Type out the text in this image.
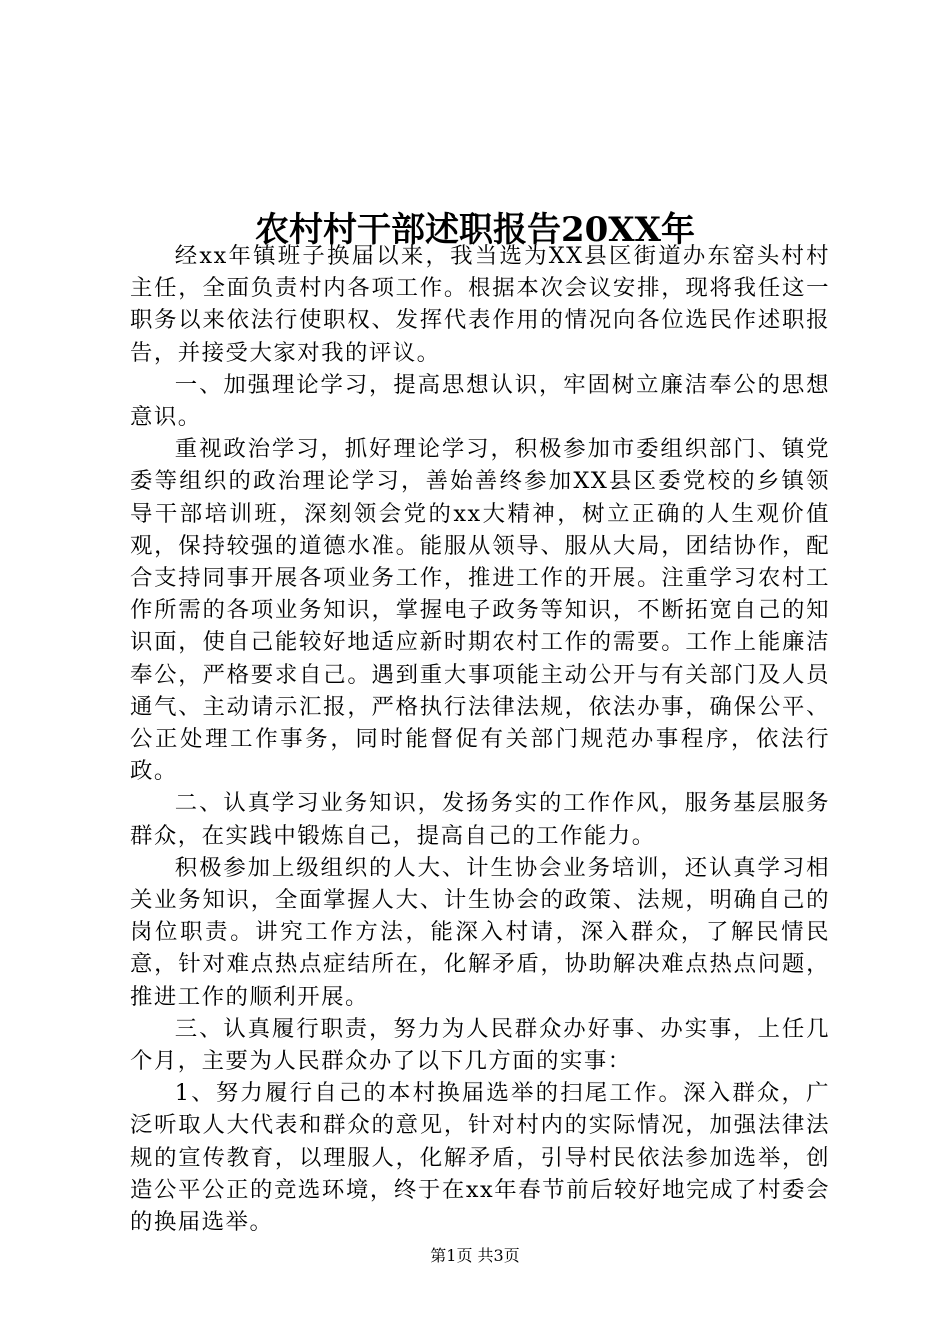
农村村干部述职报告20XX年

经xx年镇班子换届以来，我当选为XX县区街道办东窑头村村主任，全面负责村内各项工作。根据本次会议安排，现将我任这一职务以来依法行使职权、发挥代表作用的情况向各位选民作述职报告，并接受大家对我的评议。

一、加强理论学习，提高思想认识，牢固树立廉洁奉公的思想意识。

重视政治学习，抓好理论学习，积极参加市委组织部门、镇党委等组织的政治理论学习，善始善终参加XX县区委党校的乡镇领导干部培训班，深刻领会党的xx大精神，树立正确的人生观价值观，保持较强的道德水准。能服从领导、服从大局，团结协作，配合支持同事开展各项业务工作，推进工作的开展。注重学习农村工作所需的各项业务知识，掌握电子政务等知识，不断拓宽自己的知识面，使自己能较好地适应新时期农村工作的需要。工作上能廉洁奉公，严格要求自己。遇到重大事项能主动公开与有关部门及人员通气、主动请示汇报，严格执行法律法规，依法办事，确保公平、公正处理工作事务，同时能督促有关部门规范办事程序，依法行政。

二、认真学习业务知识，发扬务实的工作作风，服务基层服务群众，在实践中锻炼自己，提高自己的工作能力。

积极参加上级组织的人大、计生协会业务培训，还认真学习相关业务知识，全面掌握人大、计生协会的政策、法规，明确自己的岗位职责。讲究工作方法，能深入村请，深入群众，了解民情民意，针对难点热点症结所在，化解矛盾，协助解决难点热点问题，推进工作的顺利开展。

三、认真履行职责，努力为人民群众办好事、办实事，上任几个月，主要为人民群众办了以下几方面的实事：

1、努力履行自己的本村换届选举的扫尾工作。深入群众，广泛听取人大代表和群众的意见，针对村内的实际情况，加强法律法规的宣传教育，以理服人，化解矛盾，引导村民依法参加选举，创造公平公正的竞选环境，终于在xx年春节前后较好地完成了村委会的换届选举。

第1页 共3页
